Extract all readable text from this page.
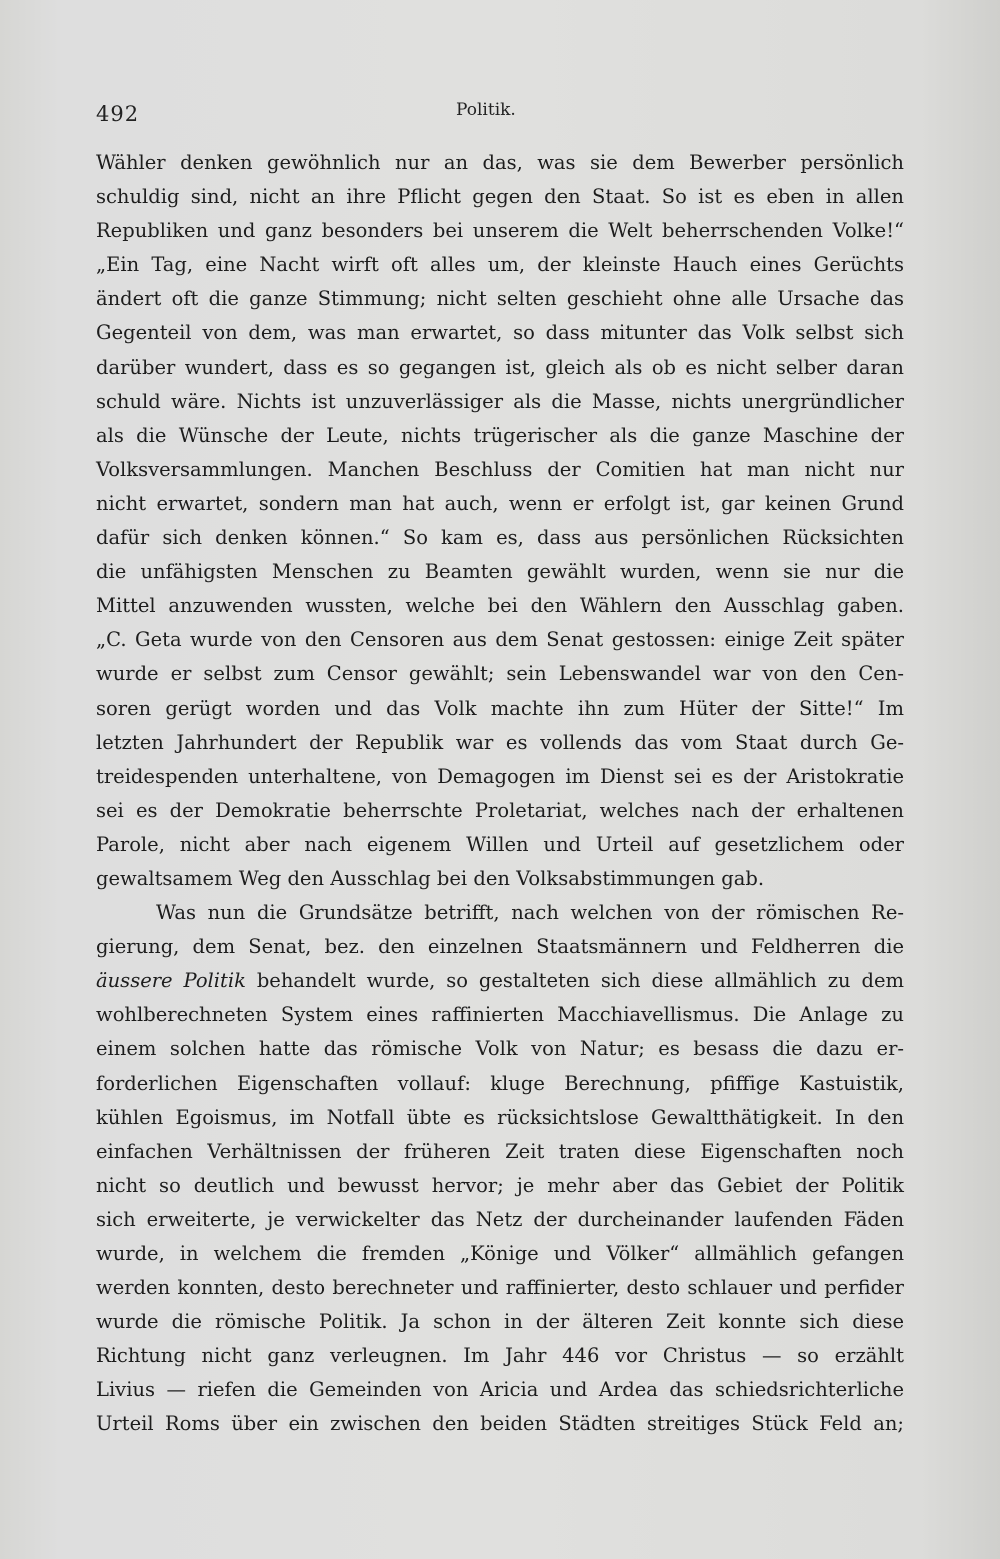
492	Politik.
Wähler denken gewöhnlich nur an das, was sie dem Bewerber persönlich
schuldig sind, nicht an ihre Pflicht gegen den Staat. So ist es eben in allen
Republiken und ganz besonders bei unserem die Welt beherrschenden Volke!“
„Ein Tag, eine Nacht wirft oft alles um, der kleinste Hauch eines Gerüchts
ändert oft die ganze Stimmung; nicht selten geschieht ohne alle Ursache das
Gegenteil von dem, was man erwartet, so dass mitunter das Volk selbst sich
darüber wundert, dass es so gegangen ist, gleich als ob es nicht selber daran
schuld wäre. Nichts ist unzuverlässiger als die Masse, nichts unergründlicher
als die Wünsche der Leute, nichts trügerischer als die ganze Maschine der
Volksversammlungen. Manchen Beschluss der Comitien hat man nicht nur
nicht erwartet, sondern man hat auch, wenn er erfolgt ist, gar keinen Grund
dafür sich denken können.“ So kam es, dass aus persönlichen Rücksichten
die unfähigsten Menschen zu Beamten gewählt wurden, wenn sie nur die
Mittel anzuwenden wussten, welche bei den Wählern den Ausschlag gaben.
„C. Geta wurde von den Censoren aus dem Senat gestossen: einige Zeit später
wurde er selbst zum Censor gewählt; sein Lebenswandel war von den Cen-
soren gerügt worden und das Volk machte ihn zum Hüter der Sitte!“ Im
letzten Jahrhundert der Republik war es vollends das vom Staat durch Ge-
treidespenden unterhaltene, von Demagogen im Dienst sei es der Aristokratie
sei es der Demokratie beherrschte Proletariat, welches nach der erhaltenen
Parole, nicht aber nach eigenem Willen und Urteil auf gesetzlichem oder
gewaltsamem Weg den Ausschlag bei den Volksabstimmungen gab.
Was nun die Grundsätze betrifft, nach welchen von der römischen Re-
gierung, dem Senat, bez. den einzelnen Staatsmännern und Feldherren die
äussere Politik behandelt wurde, so gestalteten sich diese allmählich zu dem
wohlberechneten System eines raffinierten Macchiavellismus. Die Anlage zu
einem solchen hatte das römische Volk von Natur; es besass die dazu er-
forderlichen Eigenschaften vollauf: kluge Berechnung, pfiffige Kastuistik,
kühlen Egoismus, im Notfall übte es rücksichtslose Gewaltthätigkeit. In den
einfachen Verhältnissen der früheren Zeit traten diese Eigenschaften noch
nicht so deutlich und bewusst hervor; je mehr aber das Gebiet der Politik
sich erweiterte, je verwickelter das Netz der durcheinander laufenden Fäden
wurde, in welchem die fremden „Könige und Völker“ allmählich gefangen
werden konnten, desto berechneter und raffinierter, desto schlauer und perfider
wurde die römische Politik. Ja schon in der älteren Zeit konnte sich diese
Richtung nicht ganz verleugnen. Im Jahr 446 vor Christus — so erzählt
Livius — riefen die Gemeinden von Aricia und Ardea das schiedsrichterliche
Urteil Roms über ein zwischen den beiden Städten streitiges Stück Feld an;
